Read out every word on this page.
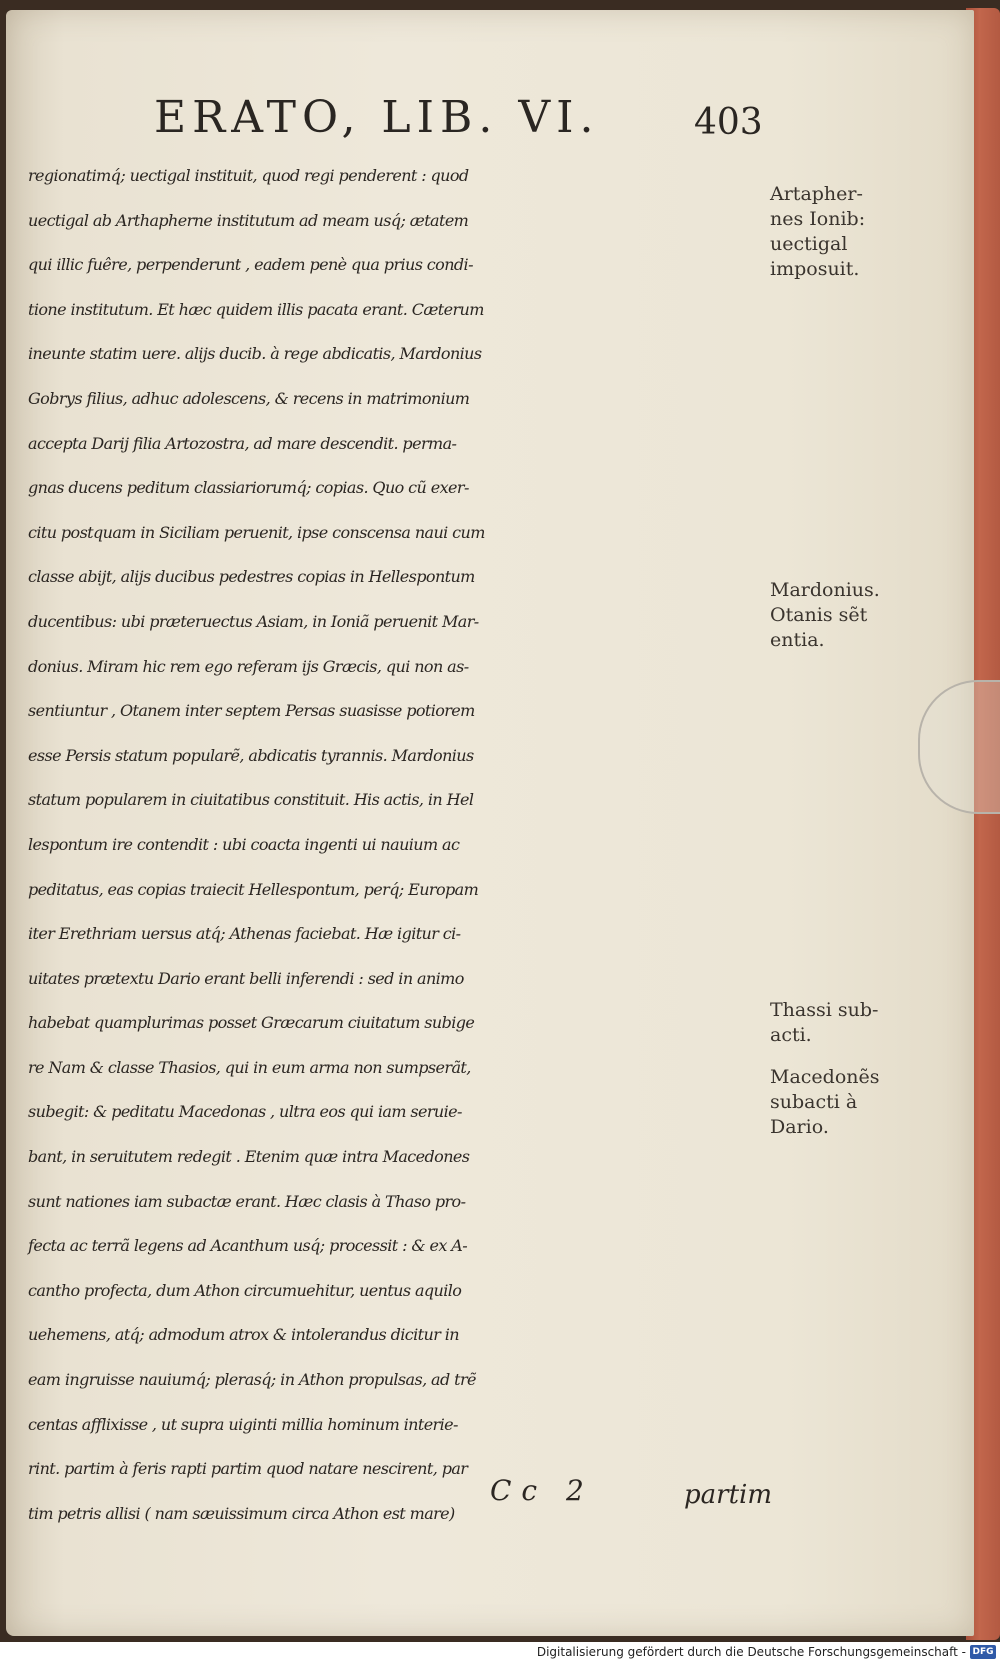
ERATO, LIB. VI.	403
regionatimq́; uectigal instituit, quod regi penderent : quod
uectigal ab Arthapherne institutum ad meam usq́; ætatem
qui illic fuêre, perpenderunt , eadem penè qua prius condi-
tione institutum. Et hæc quidem illis pacata erant. Cæterum
ineunte statim uere. alijs ducib. à rege abdicatis, Mardonius
Gobrys filius, adhuc adolescens, & recens in matrimonium
accepta Darij filia Artozostra, ad mare descendit. perma-
gnas ducens peditum classiariorumq́; copias. Quo cũ exer-
citu postquam in Siciliam peruenit, ipse conscensa naui cum
classe abijt, alijs ducibus pedestres copias in Hellespontum
ducentibus: ubi præteruectus Asiam, in Ioniã peruenit Mar-
donius. Miram hic rem ego referam ijs Græcis, qui non as-
sentiuntur , Otanem inter septem Persas suasisse potiorem
esse Persis statum popularẽ, abdicatis tyrannis. Mardonius
statum popularem in ciuitatibus constituit. His actis, in Hel
lespontum ire contendit : ubi coacta ingenti ui nauium ac
peditatus, eas copias traiecit Hellespontum, perq́; Europam
iter Erethriam uersus atq́; Athenas faciebat. Hæ igitur ci-
uitates prætextu Dario erant belli inferendi : sed in animo
habebat quamplurimas posset Græcarum ciuitatum subige
re Nam & classe Thasios, qui in eum arma non sumpserãt,
subegit: & peditatu Macedonas , ultra eos qui iam seruie-
bant, in seruitutem redegit . Etenim quæ intra Macedones
sunt nationes iam subactæ erant. Hæc clasis à Thaso pro-
fecta ac terrã legens ad Acanthum usq́; processit : & ex A-
cantho profecta, dum Athon circumuehitur, uentus aquilo
uehemens, atq́; admodum atrox & intolerandus dicitur in
eam ingruisse nauiumq́; plerasq́; in Athon propulsas, ad trẽ
centas afflixisse , ut supra uiginti millia hominum interie-
rint. partim à feris rapti partim quod natare nescirent, par
tim petris allisi ( nam sæuissimum circa Athon est mare)
Artapher-
nes Ionib:
uectigal
imposuit.
Mardonius.
Otanis sẽt
entia.
Thassi sub-
acti.
Macedonẽs
subacti à
Dario.
Cc 2	partim
Digitalisierung gefördert durch die Deutsche Forschungsgemeinschaft - DFG
